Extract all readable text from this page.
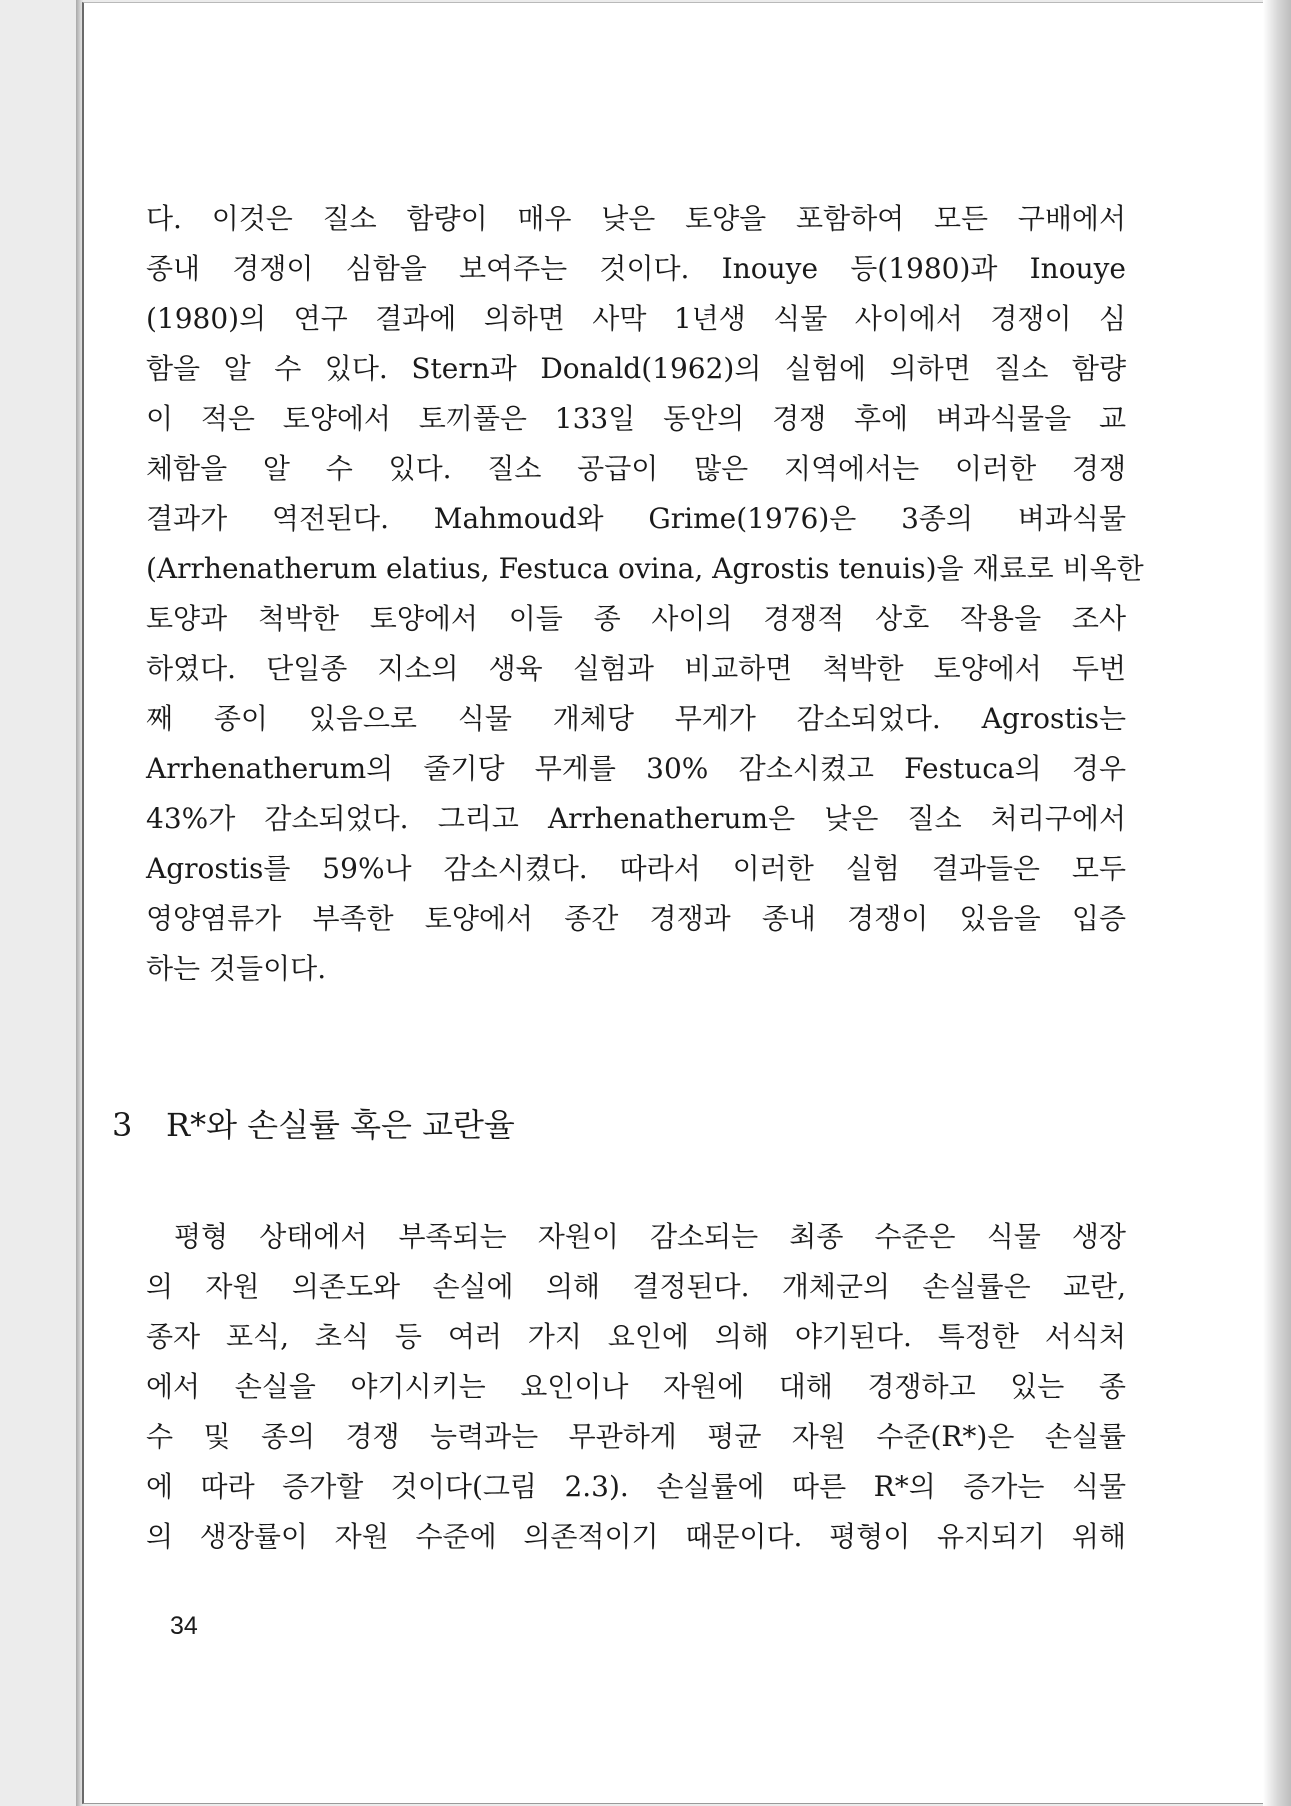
다. 이것은 질소 함량이 매우 낮은 토양을 포함하여 모든 구배에서
종내 경쟁이 심함을 보여주는 것이다. Inouye 등(1980)과 Inouye
(1980)의 연구 결과에 의하면 사막 1년생 식물 사이에서 경쟁이 심
함을 알 수 있다. Stern과 Donald(1962)의 실험에 의하면 질소 함량
이 적은 토양에서 토끼풀은 133일 동안의 경쟁 후에 벼과식물을 교
체함을 알 수 있다. 질소 공급이 많은 지역에서는 이러한 경쟁
결과가 역전된다. Mahmoud와 Grime(1976)은 3종의 벼과식물
(Arrhenatherum elatius, Festuca ovina, Agrostis tenuis)을 재료로 비옥한
토양과 척박한 토양에서 이들 종 사이의 경쟁적 상호 작용을 조사
하였다. 단일종 지소의 생육 실험과 비교하면 척박한 토양에서 두번
째 종이 있음으로 식물 개체당 무게가 감소되었다. Agrostis는
Arrhenatherum의 줄기당 무게를 30% 감소시켰고 Festuca의 경우
43%가 감소되었다. 그리고 Arrhenatherum은 낮은 질소 처리구에서
Agrostis를 59%나 감소시켰다. 따라서 이러한 실험 결과들은 모두
영양염류가 부족한 토양에서 종간 경쟁과 종내 경쟁이 있음을 입증
하는 것들이다.

3 R*와 손실률 혹은 교란율

평형 상태에서 부족되는 자원이 감소되는 최종 수준은 식물 생장
의 자원 의존도와 손실에 의해 결정된다. 개체군의 손실률은 교란,
종자 포식, 초식 등 여러 가지 요인에 의해 야기된다. 특정한 서식처
에서 손실을 야기시키는 요인이나 자원에 대해 경쟁하고 있는 종
수 및 종의 경쟁 능력과는 무관하게 평균 자원 수준(R*)은 손실률
에 따라 증가할 것이다(그림 2.3). 손실률에 따른 R*의 증가는 식물
의 생장률이 자원 수준에 의존적이기 때문이다. 평형이 유지되기 위해

34
